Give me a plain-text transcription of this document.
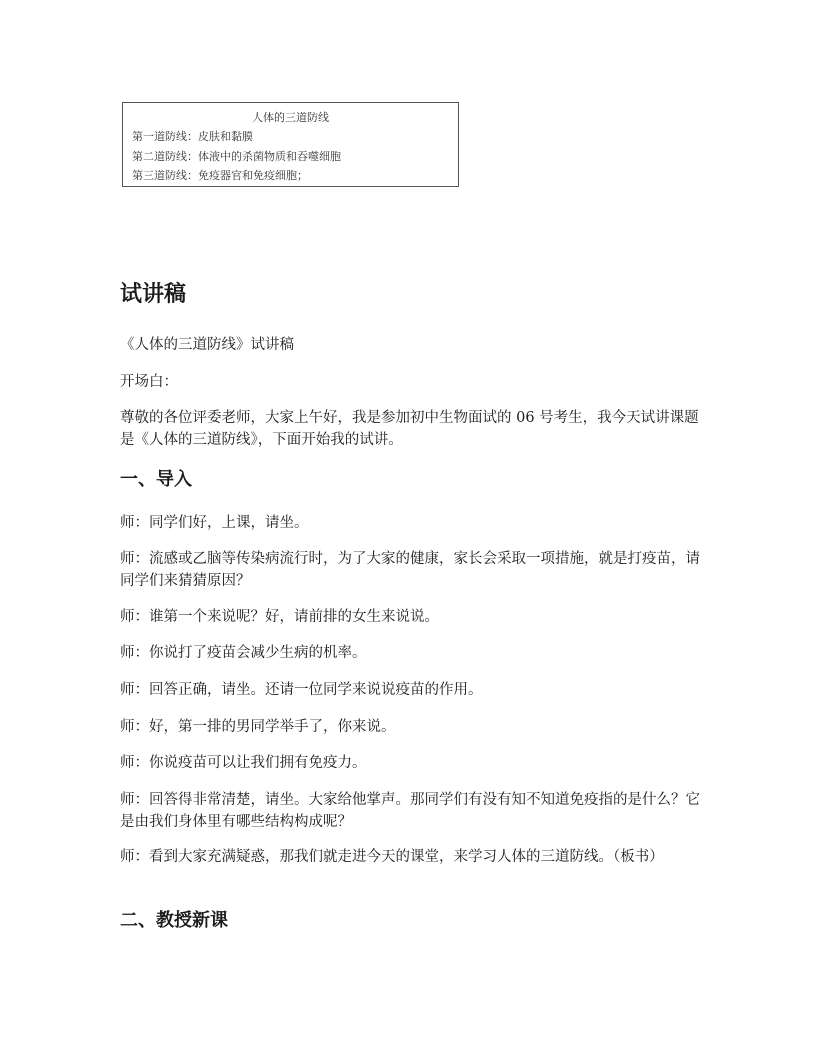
人体的三道防线
第一道防线：皮肤和黏膜
第二道防线：体液中的杀菌物质和吞噬细胞
第三道防线：免疫器官和免疫细胞；
试讲稿

《人体的三道防线》试讲稿

开场白：

尊敬的各位评委老师，大家上午好，我是参加初中生物面试的 06 号考生，我今天试讲课题是《人体的三道防线》，下面开始我的试讲。

一、导入

师：同学们好，上课，请坐。

师：流感或乙脑等传染病流行时，为了大家的健康，家长会采取一项措施，就是打疫苗，请同学们来猜猜原因？

师：谁第一个来说呢？好，请前排的女生来说说。

师：你说打了疫苗会减少生病的机率。

师：回答正确，请坐。还请一位同学来说说疫苗的作用。

师：好，第一排的男同学举手了，你来说。

师：你说疫苗可以让我们拥有免疫力。

师：回答得非常清楚，请坐。大家给他掌声。那同学们有没有知不知道免疫指的是什么？它是由我们身体里有哪些结构构成呢？

师：看到大家充满疑惑，那我们就走进今天的课堂，来学习人体的三道防线。（板书）

二、教授新课
